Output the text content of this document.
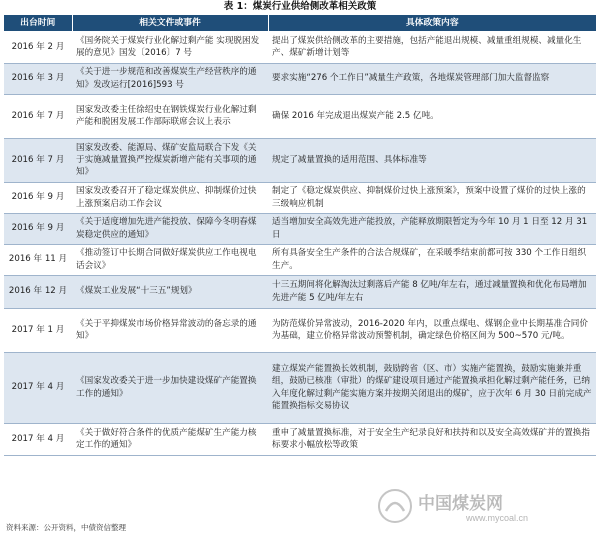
表 1：煤炭行业供给侧改革相关政策
出台时间	相关文件或事件	具体政策内容
2016 年 2 月	《国务院关于煤炭行业化解过剩产能 实现脱困发展的意见》国发〔2016〕7 号	提出了煤炭供给侧改革的主要措施，包括产能退出规模、减量重组规模、减量化生产、煤矿新增计划等
2016 年 3 月	《关于进一步规范和改善煤炭生产经营秩序的通知》发改运行[2016]593 号	要求实施“276 个工作日”减量生产政策，各地煤炭管理部门加大监督监察
2016 年 7 月	国家发改委主任徐绍史在钢铁煤炭行业化解过剩产能和脱困发展工作部际联席会议上表示	确保 2016 年完成退出煤炭产能 2.5 亿吨。
2016 年 7 月	国家发改委、能源局、煤矿安监局联合下发《关于实施减量置换严控煤炭新增产能有关事项的通知》	规定了减量置换的适用范围、具体标准等
2016 年 9 月	国家发改委召开了稳定煤炭供应、抑制煤价过快上涨预案启动工作会议	制定了《稳定煤炭供应、抑制煤价过快上涨预案》，预案中设置了煤价的过快上涨的三级响应机制
2016 年 9 月	《关于适度增加先进产能投放、保障今冬明春煤炭稳定供应的通知》	适当增加安全高效先进产能投放，产能释放期限暂定为今年 10 月 1 日至 12 月 31 日
2016 年 11 月	《推动签订中长期合同做好煤炭供应工作电视电话会议》	所有具备安全生产条件的合法合规煤矿，在采暖季结束前都可按 330 个工作日组织生产。
2016 年 12 月	《煤炭工业发展“十三五”规划》	十三五期间将化解淘汰过剩落后产能 8 亿吨/年左右，通过减量置换和优化布局增加先进产能 5 亿吨/年左右
2017 年 1 月	《关于平抑煤炭市场价格异常波动的备忘录的通知》	为防范煤价异常波动，2016-2020 年内，以重点煤电、煤钢企业中长期基准合同价为基础，建立价格异常波动预警机制，确定绿色价格区间为 500~570 元/吨。
2017 年 4 月	《国家发改委关于进一步加快建设煤矿产能置换工作的通知》	建立煤炭产能置换长效机制，鼓励跨省（区、市）实施产能置换，鼓励实施兼并重组，鼓励已核准（审批）的煤矿建设项目通过产能置换承担化解过剩产能任务，已纳入年度化解过剩产能实施方案并按期关闭退出的煤矿，应于次年 6 月 30 日前完成产能置换指标交易协议
2017 年 4 月	《关于做好符合条件的优质产能煤矿生产能力核定工作的通知》	重申了减量置换标准，对于安全生产纪录良好和扶持和以及安全高效煤矿并的置换指标要求小幅放松等政策
资料来源：公开资料，中债资信整理
中国煤炭网
www.mycoal.cn
